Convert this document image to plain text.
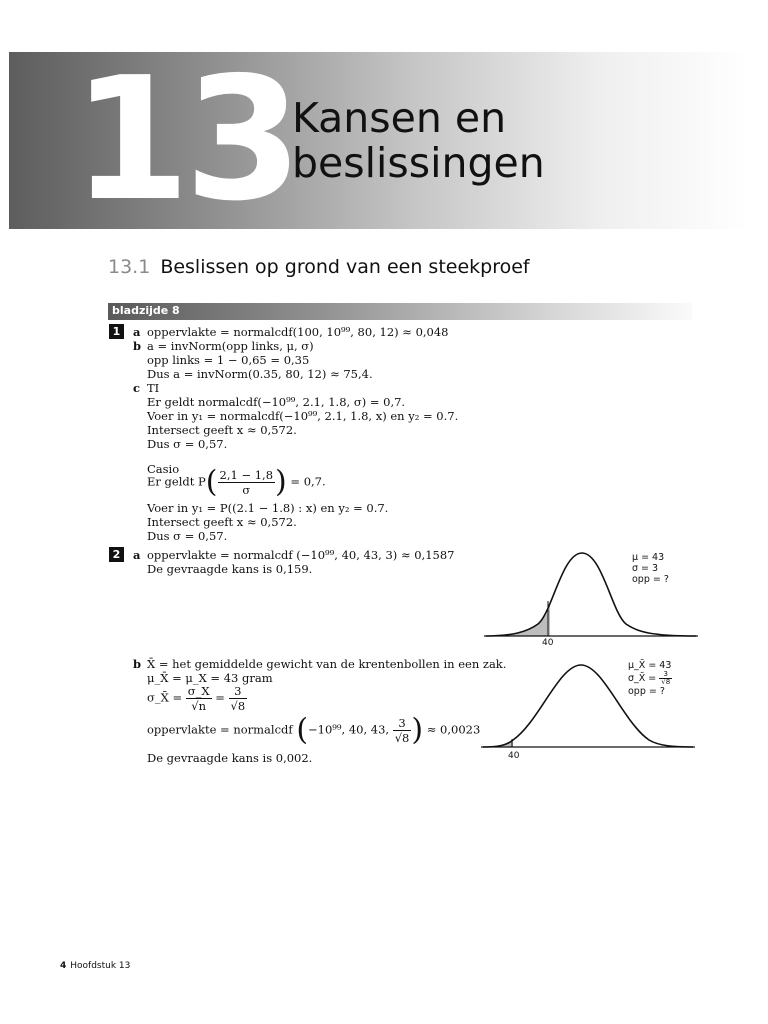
13
Kansen en
beslissingen
13.1 Beslissen op grond van een steekproef
bladzijde 8
1	a oppervlakte = normalcdf(100, 10⁹⁹, 80, 12) ≈ 0,048
b a = invNorm(opp links, μ, σ)
opp links = 1 − 0,65 = 0,35
Dus a = invNorm(0.35, 80, 12) ≈ 75,4.
c TI
Er geldt normalcdf(−10⁹⁹, 2.1, 1.8, σ) = 0,7.
Voer in y₁ = normalcdf(−10⁹⁹, 2.1, 1.8, x) en y₂ = 0.7.
Intersect geeft x ≈ 0,572.
Dus σ = 0,57.
Casio
Er geldt $P( \frac{2,1 - 1,8}{\sigma}$ ) = 0,7.
Voer in y₁ = P((2.1 − 1.8) : x) en y₂ = 0.7.
Intersect geeft x ≈ 0,572.
Dus σ = 0,57.
2	a oppervlakte = normalcdf (−10⁹⁹, 40, 43, 3) ≈ 0,1587
De gevraagde kans is 0,159.
40
μ = 43
σ = 3
opp = ?
b X̄ = het gemiddelde gewicht van de krentenbollen in een zak.
μ_X̄ = μ_X = 43 gram
σ_X̄ = $\frac{\sigma\_X}{√n} = \frac{3}{√8}$
oppervlakte = normalcdf (−10⁹⁹, 40, 43, $\frac{3}{√8}$ ) ≈ 0,0023
De gevraagde kans is 0,002.	40
μ_X̄ = 43
σ_X̄ = $\frac{3}{√8}$
opp = ?
4 Hoofdstuk 13
